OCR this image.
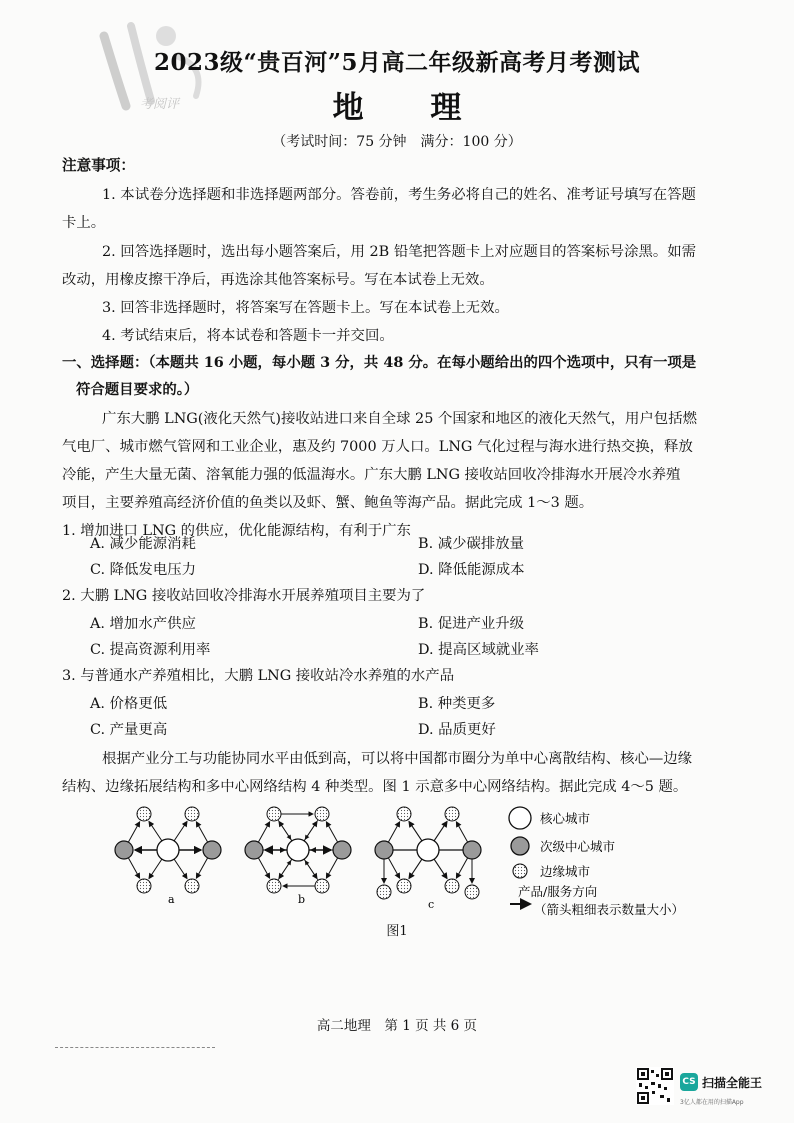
考阅评
2023级“贵百河”5月高二年级新高考月考测试
地 理
（考试时间：75 分钟　满分：100 分）
注意事项：
1. 本试卷分选择题和非选择题两部分。答卷前，考生务必将自己的姓名、准考证号填写在答题
卡上。
2. 回答选择题时，选出每小题答案后，用 2B 铅笔把答题卡上对应题目的答案标号涂黑。如需
改动，用橡皮擦干净后，再选涂其他答案标号。写在本试卷上无效。
3. 回答非选择题时，将答案写在答题卡上。写在本试卷上无效。
4. 考试结束后，将本试卷和答题卡一并交回。
一、选择题：（本题共 16 小题，每小题 3 分，共 48 分。在每小题给出的四个选项中，只有一项是
符合题目要求的。）
广东大鹏 LNG(液化天然气)接收站进口来自全球 25 个国家和地区的液化天然气，用户包括燃
气电厂、城市燃气管网和工业企业，惠及约 7000 万人口。LNG 气化过程与海水进行热交换，释放
冷能，产生大量无菌、溶氧能力强的低温海水。广东大鹏 LNG 接收站回收冷排海水开展冷水养殖
项目，主要养殖高经济价值的鱼类以及虾、蟹、鲍鱼等海产品。据此完成 1～3 题。
1. 增加进口 LNG 的供应，优化能源结构，有利于广东
A. 减少能源消耗	B. 减少碳排放量
C. 降低发电压力	D. 降低能源成本
2. 大鹏 LNG 接收站回收冷排海水开展养殖项目主要为了
A. 增加水产供应	B. 促进产业升级
C. 提高资源利用率	D. 提高区域就业率
3. 与普通水产养殖相比，大鹏 LNG 接收站冷水养殖的水产品
A. 价格更低	B. 种类更多
C. 产量更高	D. 品质更好
根据产业分工与功能协同水平由低到高，可以将中国都市圈分为单中心离散结构、核心—边缘
结构、边缘拓展结构和多中心网络结构 4 种类型。图 1 示意多中心网络结构。据此完成 4～5 题。
a	b	c
核心城市
次级中心城市
边缘城市
产品/服务方向
（箭头粗细表示数量大小）
图1
高二地理　第 1 页 共 6 页
CS 扫描全能王
3亿人都在用的扫描App
